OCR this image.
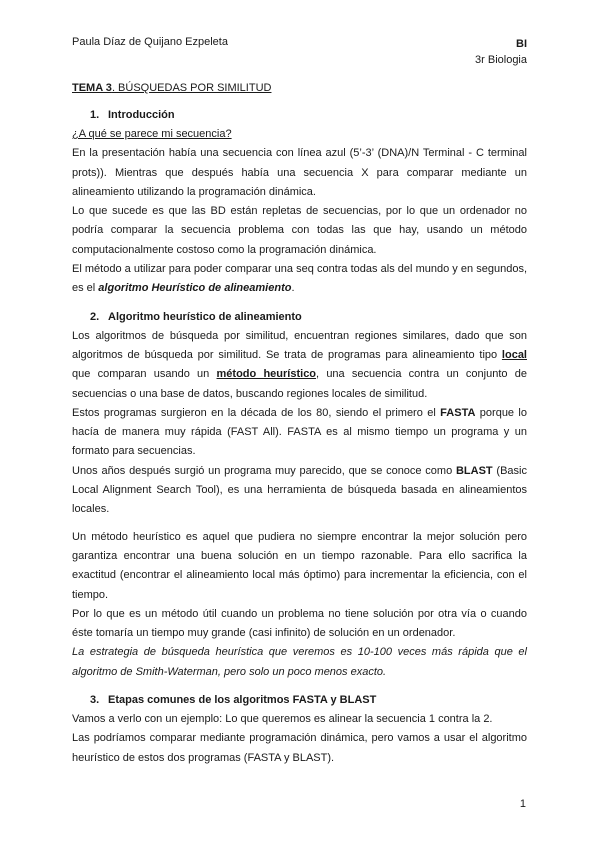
Paula Díaz de Quijano Ezpeleta	BI
3r Biologia
TEMA 3. BÚSQUEDAS POR SIMILITUD
1. Introducción

¿A qué se parece mi secuencia?

En la presentación había una secuencia con línea azul (5’-3’ (DNA)/N Terminal - C terminal prots)). Mientras que después había una secuencia X para comparar mediante un alineamiento utilizando la programación dinámica.

Lo que sucede es que las BD están repletas de secuencias, por lo que un ordenador no podría comparar la secuencia problema con todas las que hay, usando un método computacionalmente costoso como la programación dinámica.

El método a utilizar para poder comparar una seq contra todas als del mundo y en segundos, es el algoritmo Heurístico de alineamiento.

2. Algoritmo heurístico de alineamiento

Los algoritmos de búsqueda por similitud, encuentran regiones similares, dado que son algoritmos de búsqueda por similitud. Se trata de programas para alineamiento tipo local que comparan usando un método heurístico, una secuencia contra un conjunto de secuencias o una base de datos, buscando regiones locales de similitud.

Estos programas surgieron en la década de los 80, siendo el primero el FASTA porque lo hacía de manera muy rápida (FAST All). FASTA es al mismo tiempo un programa y un formato para secuencias.

Unos años después surgió un programa muy parecido, que se conoce como BLAST (Basic Local Alignment Search Tool), es una herramienta de búsqueda basada en alineamientos locales.

Un método heurístico es aquel que pudiera no siempre encontrar la mejor solución pero garantiza encontrar una buena solución en un tiempo razonable. Para ello sacrifica la exactitud (encontrar el alineamiento local más óptimo) para incrementar la eficiencia, con el tiempo.

Por lo que es un método útil cuando un problema no tiene solución por otra vía o cuando éste tomaría un tiempo muy grande (casi infinito) de solución en un ordenador.

La estrategia de búsqueda heurística que veremos es 10-100 veces más rápida que el algoritmo de Smith-Waterman, pero solo un poco menos exacto.

3. Etapas comunes de los algoritmos FASTA y BLAST

Vamos a verlo con un ejemplo: Lo que queremos es alinear la secuencia 1 contra la 2.

Las podríamos comparar mediante programación dinámica, pero vamos a usar el algoritmo heurístico de estos dos programas (FASTA y BLAST).

1
